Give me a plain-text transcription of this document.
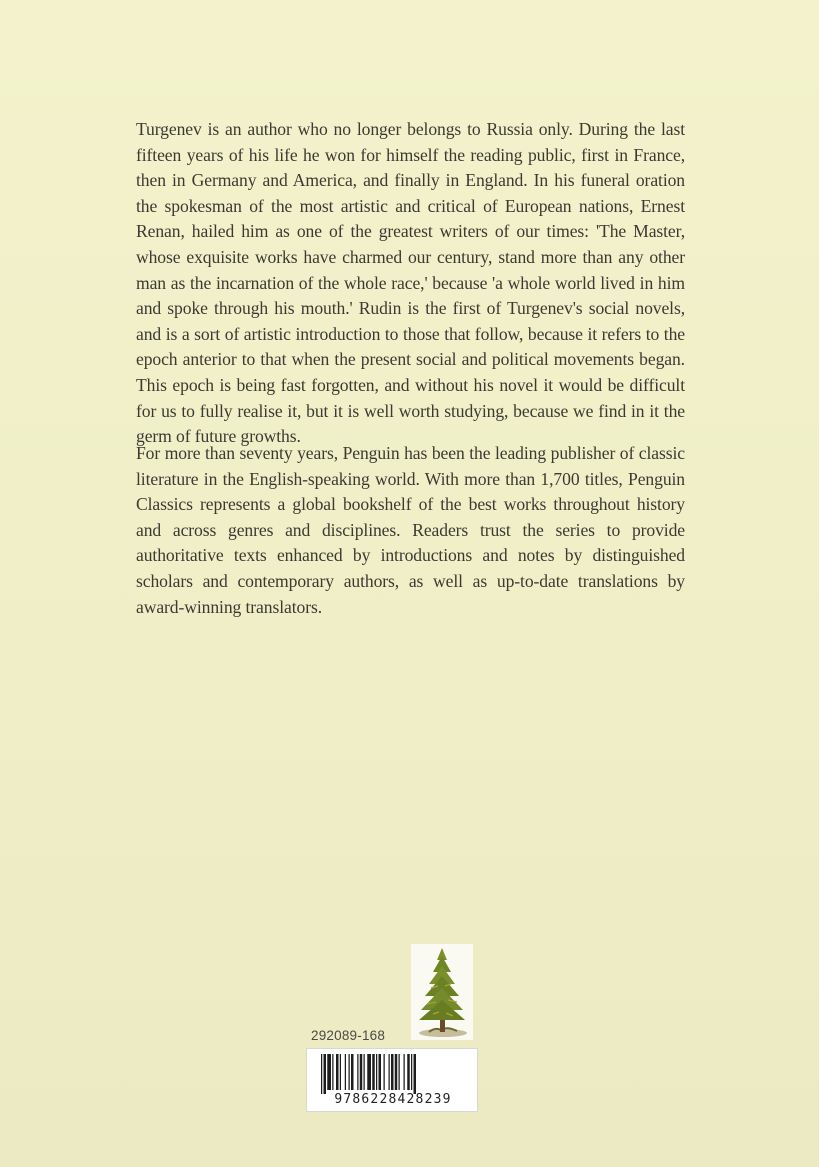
Turgenev is an author who no longer belongs to Russia only. During the last fifteen years of his life he won for himself the reading public, first in France, then in Germany and America, and finally in England. In his funeral oration the spokesman of the most artistic and critical of European nations, Ernest Renan, hailed him as one of the greatest writers of our times: 'The Master, whose exquisite works have charmed our century, stand more than any other man as the incarnation of the whole race,' because 'a whole world lived in him and spoke through his mouth.' Rudin is the first of Turgenev's social novels, and is a sort of artistic introduction to those that follow, because it refers to the epoch anterior to that when the present social and political movements began. This epoch is being fast forgotten, and without his novel it would be difficult for us to fully realise it, but it is well worth studying, because we find in it the germ of future growths.

For more than seventy years, Penguin has been the leading publisher of classic literature in the English-speaking world. With more than 1,700 titles, Penguin Classics represents a global bookshelf of the best works throughout history and across genres and disciplines. Readers trust the series to provide authoritative texts enhanced by introductions and notes by distinguished scholars and contemporary authors, as well as up-to-date translations by award-winning translators.

292089-168
9786228428239
